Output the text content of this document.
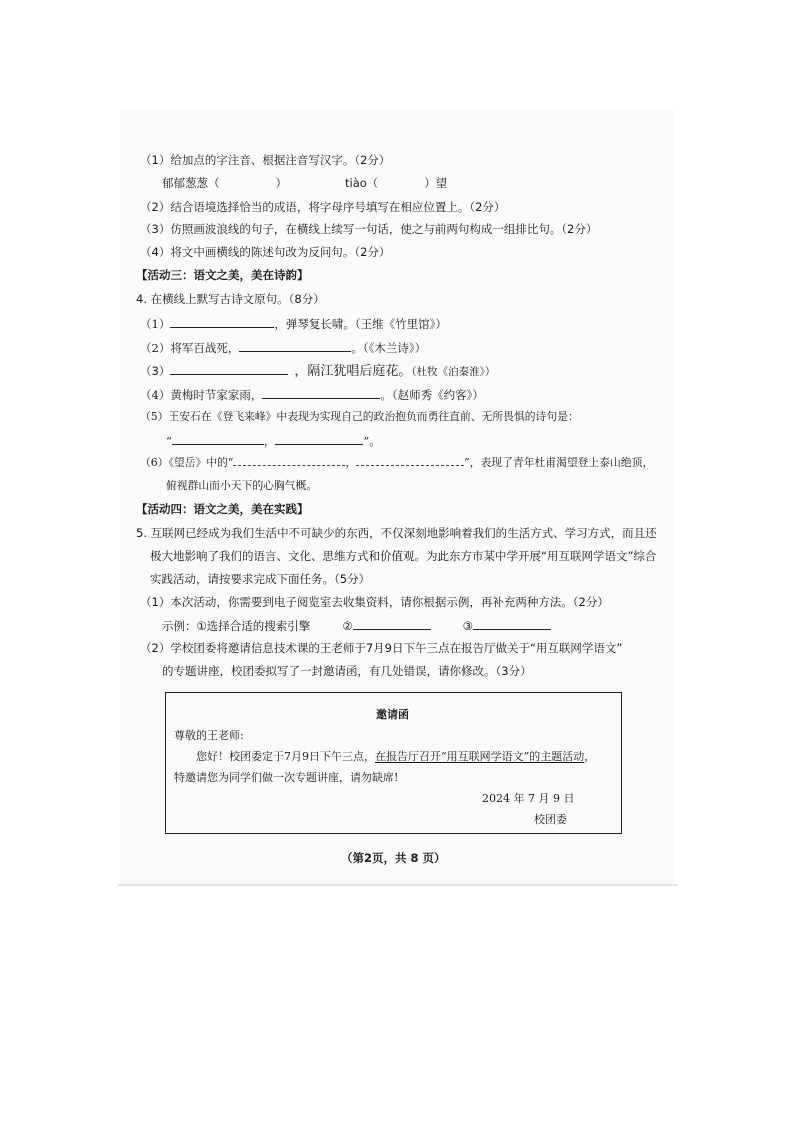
（1）给加点的字注音、根据注音写汉字。（2分）
郁郁葱葱（	）	tiào（	）望
（2）结合语境选择恰当的成语，将字母序号填写在相应位置上。（2分）
（3）仿照画波浪线的句子，在横线上续写一句话，使之与前两句构成一组排比句。（2分）
（4）将文中画横线的陈述句改为反问句。（2分）
【活动三：语文之美，美在诗韵】
4. 在横线上默写古诗文原句。（8分）
（1）	，弹琴复长啸。（王维《竹里馆》）
（2）将军百战死，	。（《木兰诗》）
（3）	，隔江犹唱后庭花。（杜牧《泊秦淮》）
（4）黄梅时节家家雨，	。（赵师秀《约客》）
（5）王安石在《登飞来峰》中表现为实现自己的政治抱负而勇往直前、无所畏惧的诗句是：
“	，	”。
（6）《望岳》中的“	，	”，表现了青年杜甫渴望登上泰山绝顶，
俯视群山而小天下的心胸气概。
【活动四：语文之美，美在实践】
5. 互联网已经成为我们生活中不可缺少的东西，不仅深刻地影响着我们的生活方式、学习方式，而且还
极大地影响了我们的语言、文化、思维方式和价值观。为此东方市某中学开展“用互联网学语文”综合
实践活动，请按要求完成下面任务。（5分）
（1）本次活动，你需要到电子阅览室去收集资料，请你根据示例，再补充两种方法。（2分）
示例：①选择合适的搜索引擎	②	③
（2）学校团委将邀请信息技术课的王老师于7月9日下午三点在报告厅做关于“用互联网学语文”
的专题讲座，校团委拟写了一封邀请函，有几处错误，请你修改。（3分）
邀请函
尊敬的王老师:
您好！校团委定于7月9日下午三点，在报告厅召开“用互联网学语文”的主题活动，
特邀请您为同学们做一次专题讲座，请勿缺席!
2024 年 7 月 9 日
校团委
（第2页，共 8 页）
